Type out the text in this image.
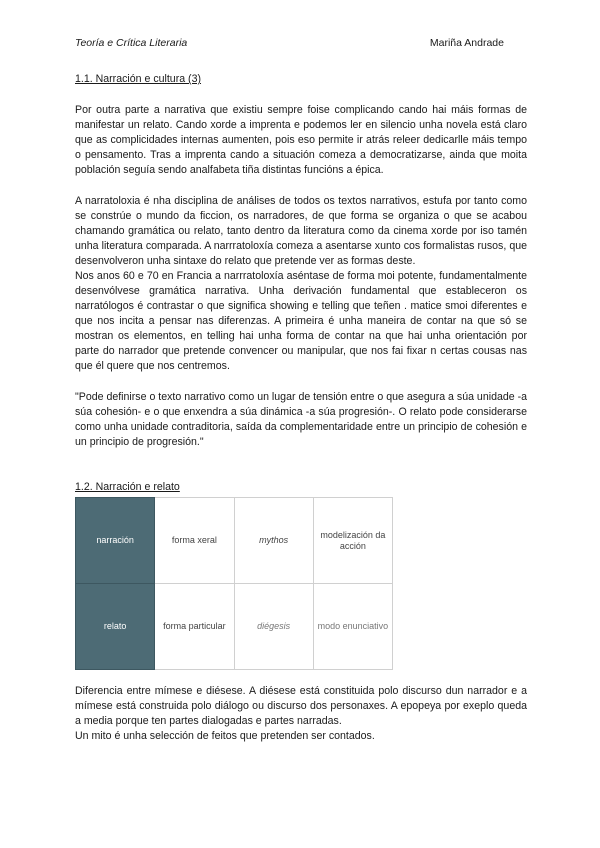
Teoría e Crítica Literaria	Mariña Andrade
1.1. Narración e cultura (3)

Por outra parte a narrativa que existiu sempre foise complicando cando hai máis formas de manifestar un relato. Cando xorde a imprenta e podemos ler en silencio unha novela está claro que as complicidades internas aumenten, pois eso permite ir atrás releer dedicarlle máis tempo o pensamento. Tras a imprenta cando a situación comeza a democratizarse, ainda que moita población seguía sendo analfabeta tiña distintas funcións a épica.

A narratoloxia é nha disciplina de análises de todos os textos narrativos, estufa por tanto como se constrúe o mundo da ficcion, os narradores, de que forma se organiza o que se acabou chamando gramática ou relato, tanto dentro da literatura como da cinema xorde por iso tamén unha literatura comparada. A narrratoloxía comeza a asentarse xunto cos formalistas rusos, que desenvolveron unha sintaxe do relato que pretende ver as formas deste.

Nos anos 60 e 70 en Francia a narrratoloxía aséntase de forma moi potente, fundamentalmente desenvólvese gramática narrativa. Unha derivación fundamental que estableceron os narratólogos é contrastar o que significa showing e telling que teñen . matice smoi diferentes e que nos incita a pensar nas diferenzas. A primeira é unha maneira de contar na que só se mostran os elementos, en telling hai unha forma de contar na que hai unha orientación por parte do narrador que pretende convencer ou manipular, que nos fai fixar n certas cousas nas que él quere que nos centremos.

"Pode definirse o texto narrativo como un lugar de tensión entre o que asegura a súa unidade -a súa cohesión- e o que enxendra a súa dinámica -a súa progresión-. O relato pode considerarse como unha unidade contraditoria, saída da complementaridade entre un principio de cohesión e un principio de progresión."

1.2. Narración e relato
narración	forma xeral	mythos	modelización da acción
relato	forma particular	diégesis	modo enunciativo

Diferencia entre mímese e diésese. A diésese está constituida polo discurso dun narrador e a mímese está construida polo diálogo ou discurso dos personaxes. A epopeya por exeplo queda a media porque ten partes dialogadas e partes narradas.

Un mito é unha selección de feitos que pretenden ser contados.
